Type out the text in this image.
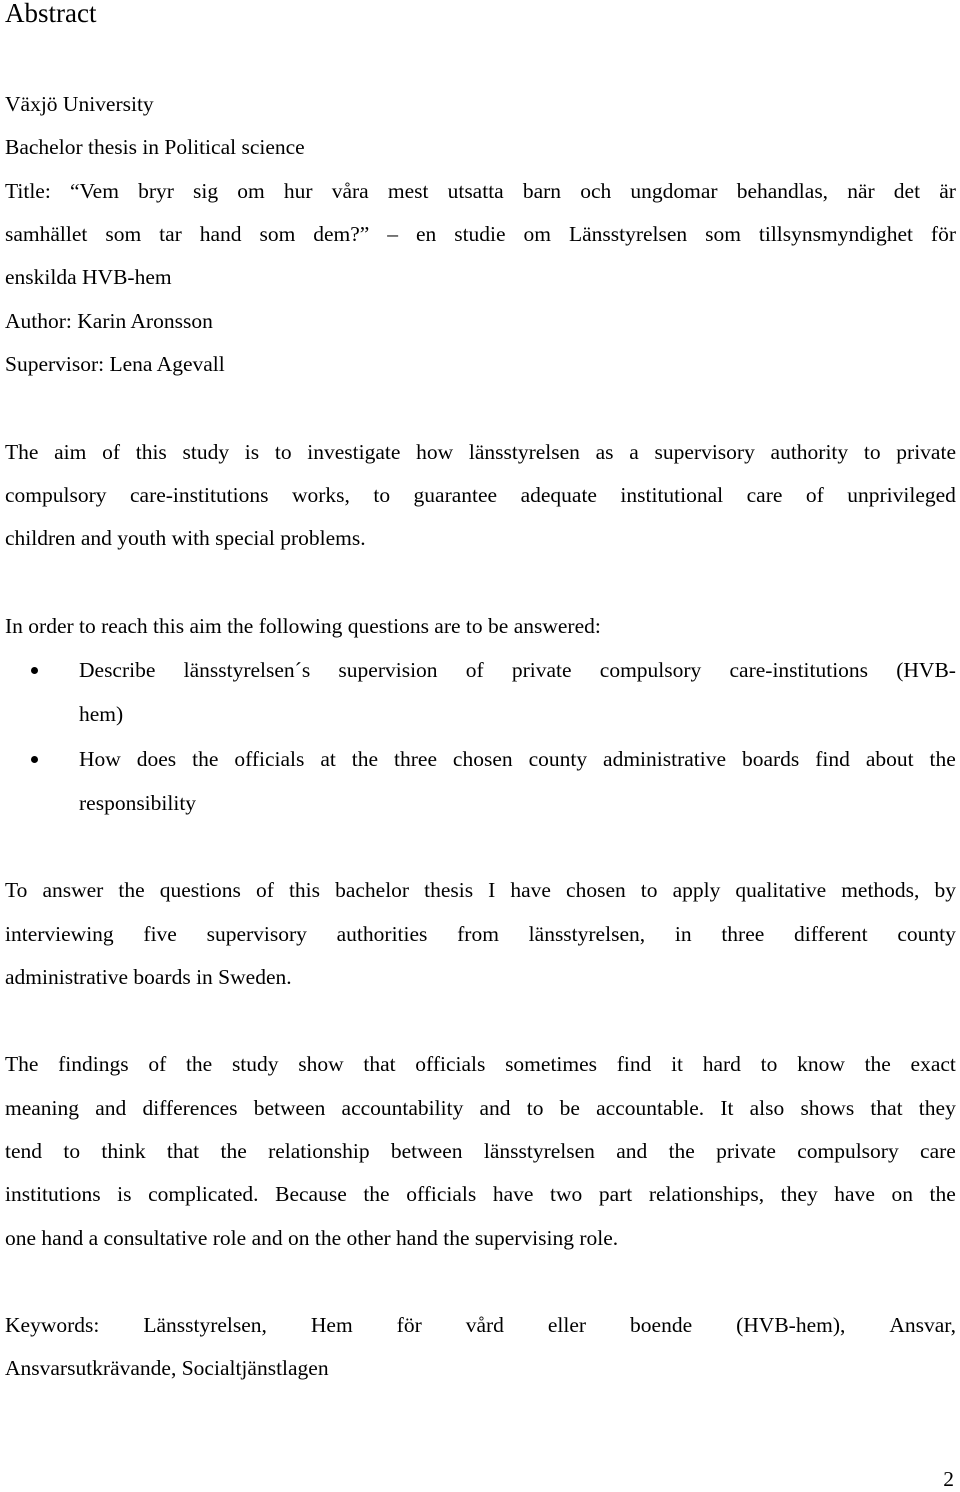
Abstract

Växjö University

Bachelor thesis in Political science

Title: “Vem bryr sig om hur våra mest utsatta barn och ungdomar behandlas, när det är

samhället som tar hand som dem?” – en studie om Länsstyrelsen som tillsynsmyndighet för

enskilda HVB-hem

Author: Karin Aronsson

Supervisor: Lena Agevall

The aim of this study is to investigate how länsstyrelsen as a supervisory authority to private

compulsory care-institutions works, to guarantee adequate institutional care of unprivileged

children and youth with special problems.

In order to reach this aim the following questions are to be answered:

Describe länsstyrelsen´s supervision of private compulsory care-institutions (HVB-
hem)
How does the officials at the three chosen county administrative boards find about the
responsibility

To answer the questions of this bachelor thesis I have chosen to apply qualitative methods, by

interviewing five supervisory authorities from länsstyrelsen, in three different county

administrative boards in Sweden.

The findings of the study show that officials sometimes find it hard to know the exact

meaning and differences between accountability and to be accountable. It also shows that they

tend to think that the relationship between länsstyrelsen and the private compulsory care

institutions is complicated. Because the officials have two part relationships, they have on the

one hand a consultative role and on the other hand the supervising role.

Keywords: Länsstyrelsen, Hem för vård eller boende (HVB-hem), Ansvar,

Ansvarsutkrävande, Socialtjänstlagen

2
